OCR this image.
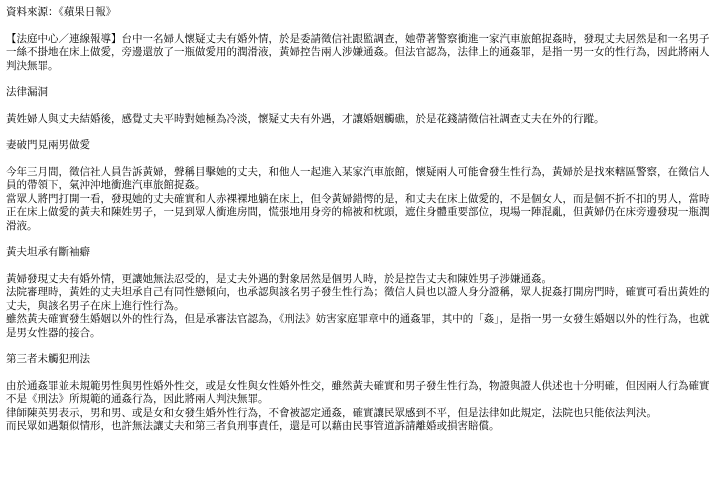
資料來源：《蘋果日報》

【法庭中心／連線報導】台中一名婦人懷疑丈夫有婚外情，於是委請徵信社跟監調查，她帶著警察衝進一家汽車旅館捉姦時，發現丈夫居然是和一名男子一絲不掛地在床上做愛，旁邊還放了一瓶做愛用的潤滑液，黃婦控告兩人涉嫌通姦。但法官認為，法律上的通姦罪，是指一男一女的性行為，因此將兩人判決無罪。

法律漏洞

黃姓婦人與丈夫結婚後，感覺丈夫平時對她極為冷淡，懷疑丈夫有外遇，才讓婚姻觸礁，於是花錢請徵信社調查丈夫在外的行蹤。

妻破門見兩男做愛

今年三月間，徵信社人員告訴黃婦，聲稱目擊她的丈夫，和他人一起進入某家汽車旅館，懷疑兩人可能會發生性行為，黃婦於是找來轄區警察，在徵信人員的帶領下，氣沖沖地衝進汽車旅館捉姦。

當眾人將門打開一看，發現她的丈夫確實和人赤裸裸地躺在床上，但令黃婦錯愕的是，和丈夫在床上做愛的，不是個女人，而是個不折不扣的男人，當時正在床上做愛的黃夫和陳姓男子，一見到眾人衝進房間，慌張地用身旁的棉被和枕頭，遮住身體重要部位，現場一陣混亂，但黃婦仍在床旁邊發現一瓶潤滑液。

黃夫坦承有斷袖癖

黃婦發現丈夫有婚外情，更讓她無法忍受的，是丈夫外遇的對象居然是個男人時，於是控告丈夫和陳姓男子涉嫌通姦。

法院審理時，黃姓的丈夫坦承自己有同性戀傾向，也承認與該名男子發生性行為；徵信人員也以證人身分證稱，眾人捉姦打開房門時，確實可看出黃姓的丈夫，與該名男子在床上進行性行為。

雖然黃夫確實發生婚姻以外的性行為，但是承審法官認為，《刑法》妨害家庭罪章中的通姦罪，其中的「姦」，是指一男一女發生婚姻以外的性行為，也就是男女性器的接合。

第三者未觸犯刑法

由於通姦罪並未規範男性與男性婚外性交，或是女性與女性婚外性交，雖然黃夫確實和男子發生性行為，物證與證人供述也十分明確，但因兩人行為確實不是《刑法》所規範的通姦行為，因此將兩人判決無罪。

律師陳英男表示，男和男、或是女和女發生婚外性行為，不會被認定通姦，確實讓民眾感到不平，但是法律如此規定，法院也只能依法判決。

而民眾如遇類似情形，也許無法讓丈夫和第三者負刑事責任，還是可以藉由民事管道訴請離婚或損害賠償。
